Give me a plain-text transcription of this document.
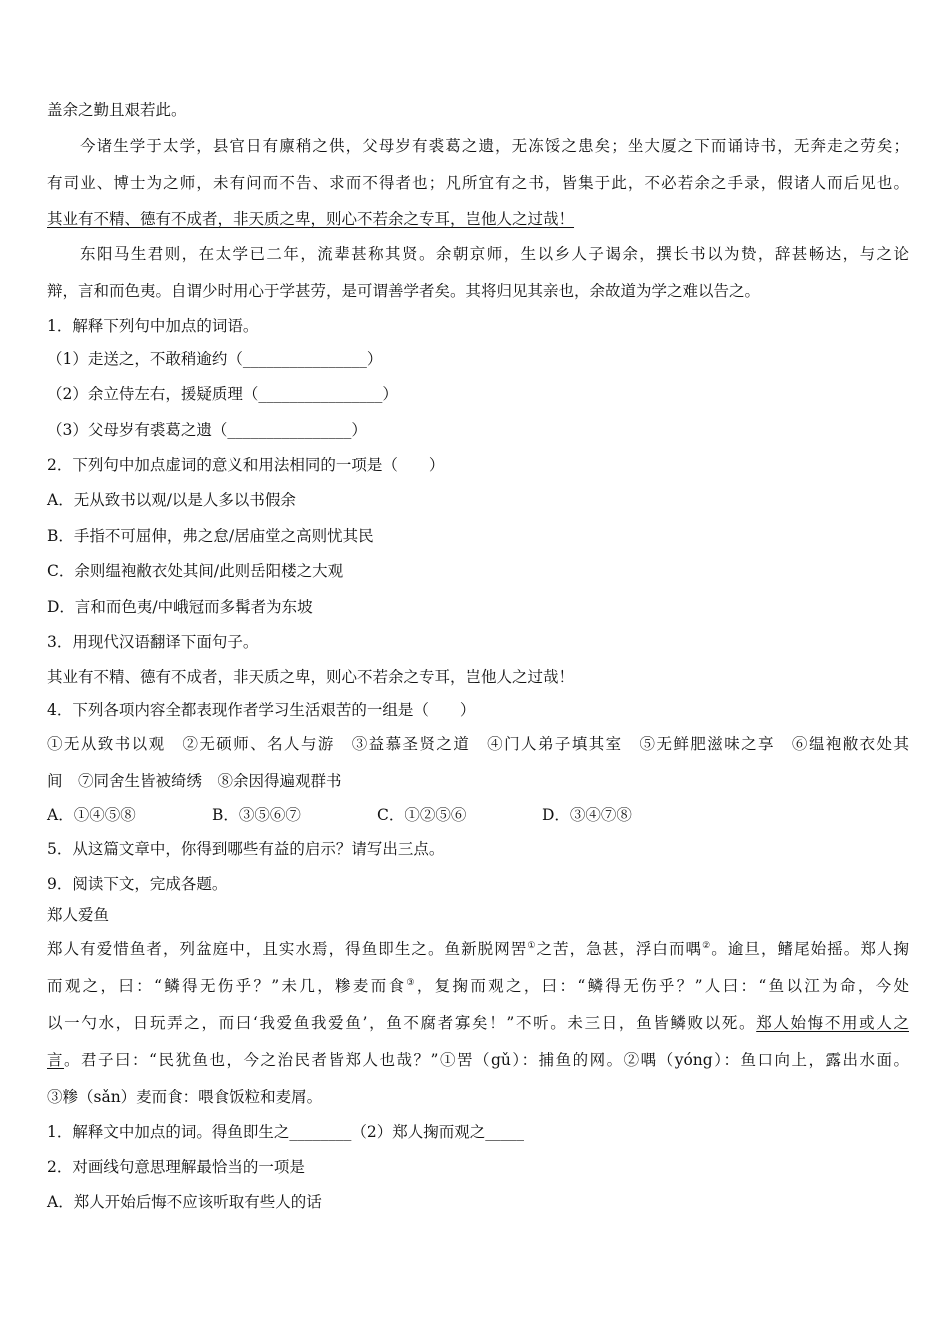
盖余之勤且艰若此。
今诸生学于太学，县官日有廪稍之供，父母岁有裘葛之遗，无冻馁之患矣；坐大厦之下而诵诗书，无奔走之劳矣；
有司业、博士为之师，未有问而不告、求而不得者也；凡所宜有之书，皆集于此，不必若余之手录，假诸人而后见也。
其业有不精、德有不成者，非天质之卑，则心不若余之专耳，岂他人之过哉！
东阳马生君则，在太学已二年，流辈甚称其贤。余朝京师，生以乡人子谒余，撰长书以为贽，辞甚畅达，与之论
辩，言和而色夷。自谓少时用心于学甚劳，是可谓善学者矣。其将归见其亲也，余故道为学之难以告之。
1．解释下列句中加点的词语。
（1）走送之，不敢稍逾约（________________）
（2）余立侍左右，援疑质理（________________）
（3）父母岁有裘葛之遗（________________）
2．下列句中加点虚词的意义和用法相同的一项是（　　）
A．无从致书以观/以是人多以书假余
B．手指不可屈伸，弗之怠/居庙堂之高则忧其民
C．余则缊袍敝衣处其间/此则岳阳楼之大观
D．言和而色夷/中峨冠而多髯者为东坡
3．用现代汉语翻译下面句子。
其业有不精、德有不成者，非天质之卑，则心不若余之专耳，岂他人之过哉！
4．下列各项内容全都表现作者学习生活艰苦的一组是（　　）
①无从致书以观　②无硕师、名人与游　③益慕圣贤之道　④门人弟子填其室　⑤无鲜肥滋味之享　⑥缊袍敝衣处其
间　⑦同舍生皆被绮绣　⑧余因得遍观群书
A．①④⑤⑧	B．③⑤⑥⑦	C．①②⑤⑥	D．③④⑦⑧
5．从这篇文章中，你得到哪些有益的启示？请写出三点。
9．阅读下文，完成各题。
郑人爱鱼
郑人有爱惜鱼者，列盆庭中，且实水焉，得鱼即生之。鱼新脱网罟①之苦，急甚，浮白而喁②。逾旦，鳍尾始摇。郑人掬
而观之，曰：“鳞得无伤乎？”未几，糁麦而食③，复掬而观之，曰：“鳞得无伤乎？”人曰：“鱼以江为命，今处
以一勺水，日玩弄之，而曰‘我爱鱼我爱鱼’，鱼不腐者寡矣！”不听。未三日，鱼皆鳞败以死。郑人始悔不用或人之
言。君子曰：“民犹鱼也，今之治民者皆郑人也哉？”①罟（gǔ）：捕鱼的网。②喁（yóng）：鱼口向上，露出水面。
③糁（sǎn）麦而食：喂食饭粒和麦屑。
1．解释文中加点的词。得鱼即生之________（2）郑人掬而观之_____
2．对画线句意思理解最恰当的一项是
A．郑人开始后悔不应该听取有些人的话
